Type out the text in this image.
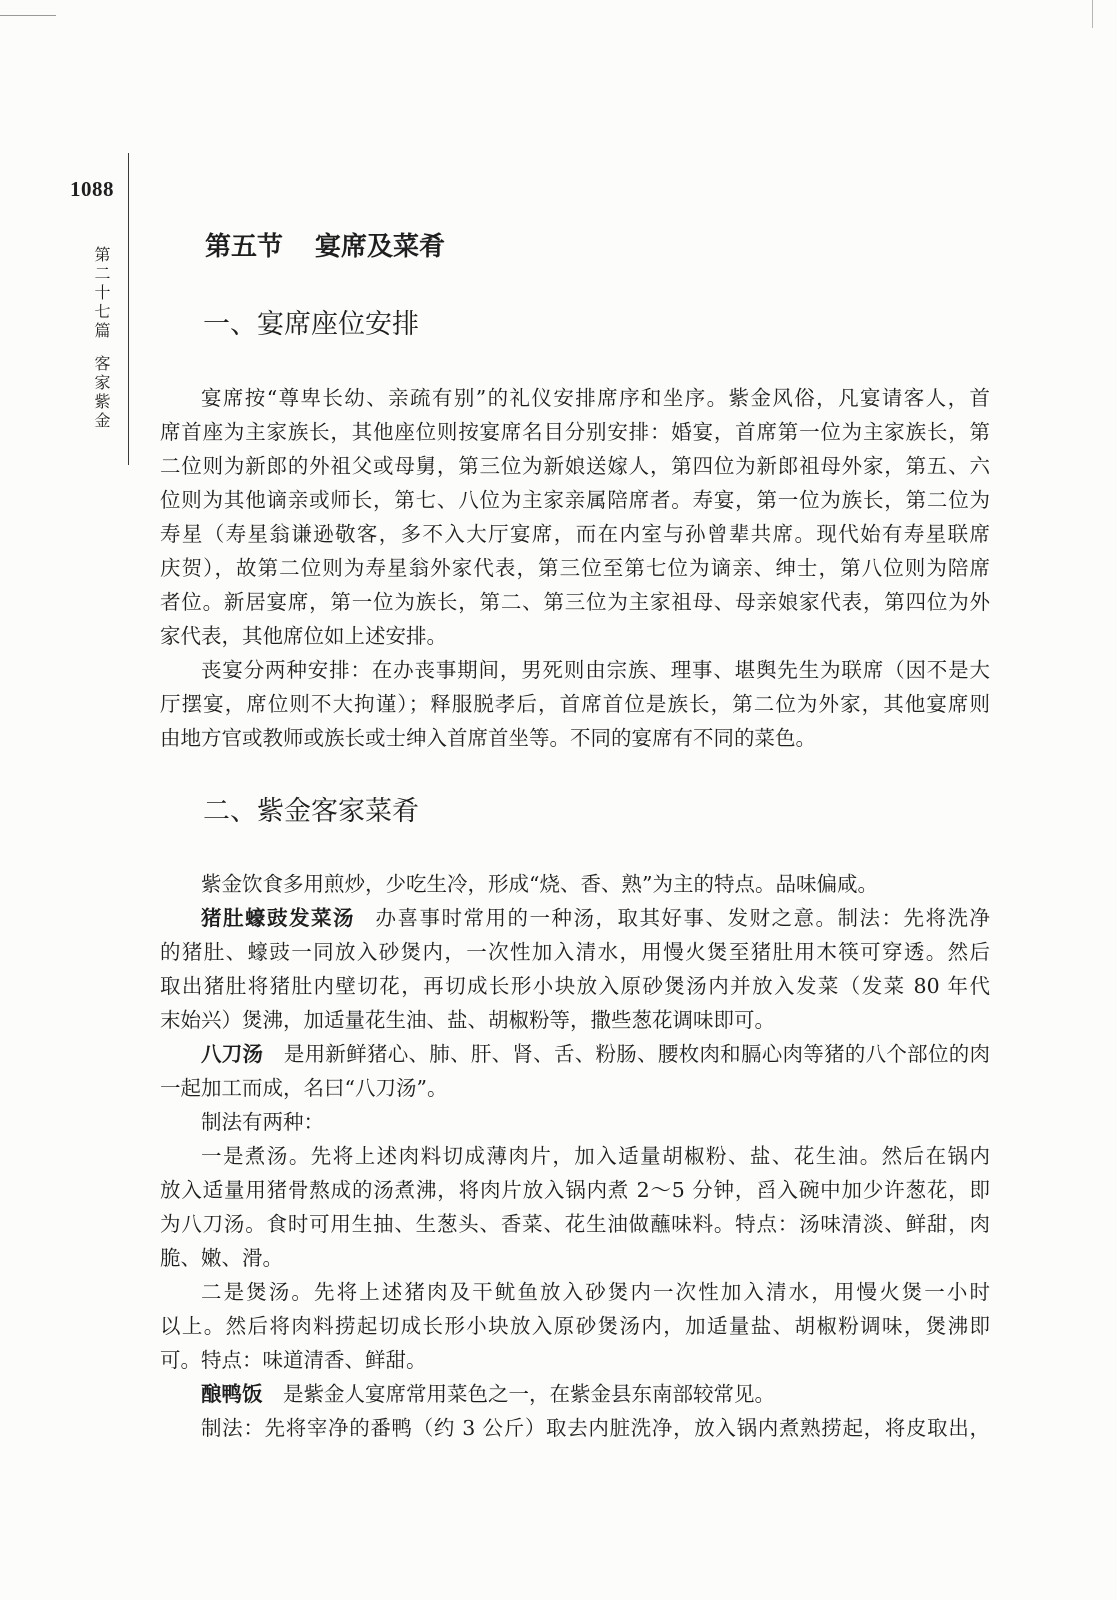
1088
第二十七篇客家紫金
第五节 宴席及菜肴
一、宴席座位安排
宴席按“尊卑长幼、亲疏有别”的礼仪安排席序和坐序。紫金风俗，凡宴请客人，首
席首座为主家族长，其他座位则按宴席名目分别安排：婚宴，首席第一位为主家族长，第
二位则为新郎的外祖父或母舅，第三位为新娘送嫁人，第四位为新郎祖母外家，第五、六
位则为其他谪亲或师长，第七、八位为主家亲属陪席者。寿宴，第一位为族长，第二位为
寿星（寿星翁谦逊敬客，多不入大厅宴席，而在内室与孙曾辈共席。现代始有寿星联席
庆贺），故第二位则为寿星翁外家代表，第三位至第七位为谪亲、绅士，第八位则为陪席
者位。新居宴席，第一位为族长，第二、第三位为主家祖母、母亲娘家代表，第四位为外
家代表，其他席位如上述安排。
丧宴分两种安排：在办丧事期间，男死则由宗族、理事、堪舆先生为联席（因不是大
厅摆宴，席位则不大拘谨）；释服脱孝后，首席首位是族长，第二位为外家，其他宴席则
由地方官或教师或族长或士绅入首席首坐等。不同的宴席有不同的菜色。
二、紫金客家菜肴
紫金饮食多用煎炒，少吃生冷，形成“烧、香、熟”为主的特点。品味偏咸。
猪肚蠔豉发菜汤 办喜事时常用的一种汤，取其好事、发财之意。制法：先将洗净
的猪肚、蠔豉一同放入砂煲内，一次性加入清水，用慢火煲至猪肚用木筷可穿透。然后
取出猪肚将猪肚内壁切花，再切成长形小块放入原砂煲汤内并放入发菜（发菜 80 年代
末始兴）煲沸，加适量花生油、盐、胡椒粉等，撒些葱花调味即可。
八刀汤 是用新鲜猪心、肺、肝、肾、舌、粉肠、腰枚肉和膈心肉等猪的八个部位的肉
一起加工而成，名曰“八刀汤”。
制法有两种：
一是煮汤。先将上述肉料切成薄肉片，加入适量胡椒粉、盐、花生油。然后在锅内
放入适量用猪骨熬成的汤煮沸，将肉片放入锅内煮 2～5 分钟，舀入碗中加少许葱花，即
为八刀汤。食时可用生抽、生葱头、香菜、花生油做蘸味料。特点：汤味清淡、鲜甜，肉
脆、嫩、滑。
二是煲汤。先将上述猪肉及干鱿鱼放入砂煲内一次性加入清水，用慢火煲一小时
以上。然后将肉料捞起切成长形小块放入原砂煲汤内，加适量盐、胡椒粉调味，煲沸即
可。特点：味道清香、鲜甜。
酿鸭饭 是紫金人宴席常用菜色之一，在紫金县东南部较常见。
制法：先将宰净的番鸭（约 3 公斤）取去内脏洗净，放入锅内煮熟捞起，将皮取出，
